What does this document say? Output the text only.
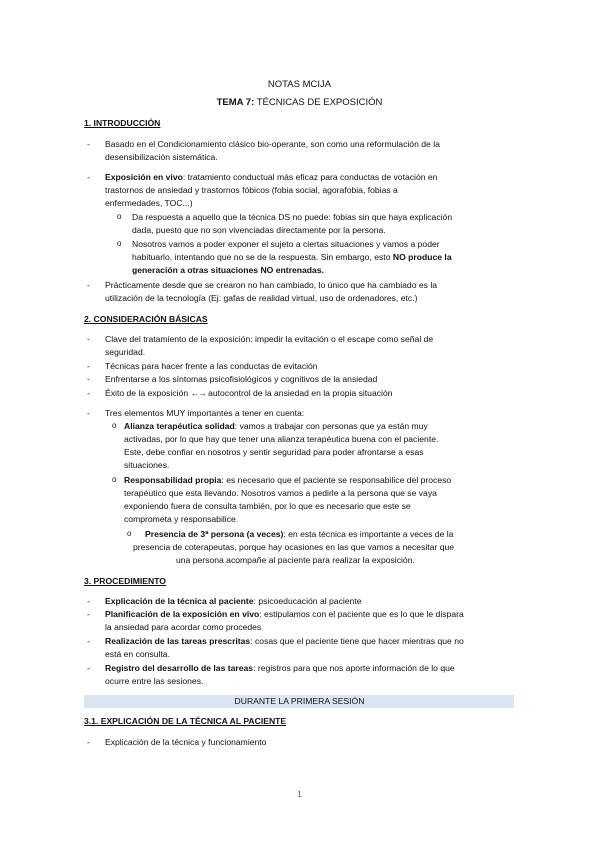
NOTAS MCIJA
TEMA 7: TÉCNICAS DE EXPOSICIÓN
1. INTRODUCCIÓN
- Basado en el Condicionamiento clásico bio-operante, son como una reformulación de la
desensibilización sistemática.
- Exposición en vivo: tratamiento conductual más eficaz para conductas de votación en
trastornos de ansiedad y trastornos fóbicos (fobia social, agorafobia, fobias a
enfermedades, TOC...)
o Da respuesta a aquello que la técnica DS no puede: fobias sin que haya explicación
dada, puesto que no son vivenciadas directamente por la persona.
o Nosotros vamos a poder exponer el sujeto a ciertas situaciones y vamos a poder
habituarlo, intentando que no se de la respuesta. Sin embargo, esto NO produce la
generación a otras situaciones NO entrenadas.
- Prácticamente desde que se crearon no han cambiado, lo único que ha cambiado es la
utilización de la tecnología (Ej: gafas de realidad virtual, uso de ordenadores, etc.)
2. CONSIDERACIÓN BÁSICAS
- Clave del tratamiento de la exposición: impedir la evitación o el escape como señal de
seguridad.
- Técnicas para hacer frente a las conductas de evitación
- Enfrentarse a los síntomas psicofisiológicos y cognitivos de la ansiedad
- Éxito de la exposición ←→ autocontrol de la ansiedad en la propia situación
- Tres elementos MUY importantes a tener en cuenta:
o Alianza terapéutica solidad: vamos a trabajar con personas que ya están muy
activadas, por lo que hay que tener una alianza terapéutica buena con el paciente.
Este, debe confiar en nosotros y sentir seguridad para poder afrontarse a esas
situaciones.
o Responsabilidad propia: es necesario que el paciente se responsabilice del proceso
terapéutico que esta llevando. Nosotros vamos a pedirle a la persona que se vaya
exponiendo fuera de consulta también, por lo que es necesario que este se
comprometa y responsabilice.
o Presencia de 3ª persona (a veces): en esta técnica es importante a veces de la
presencia de coterapeutas, porque hay ocasiones en las que vamos a necesitar que
una persona acompañe al paciente para realizar la exposición.
3. PROCEDIMIENTO
- Explicación de la técnica al paciente: psicoeducación al paciente
- Planificación de la exposición en vivo: estipulamos con el paciente que es lo que le dispara
la ansiedad para acordar como procedes
- Realización de las tareas prescritas: cosas que el paciente tiene que hacer mientras que no
está en consulta.
- Registro del desarrollo de las tareas: registros para que nos aporte información de lo que
ocurre entre las sesiones.
DURANTE LA PRIMERA SESIÓN
3.1. EXPLICACIÓN DE LA TÉCNICA AL PACIENTE
- Explicación de la técnica y funcionamiento
1
